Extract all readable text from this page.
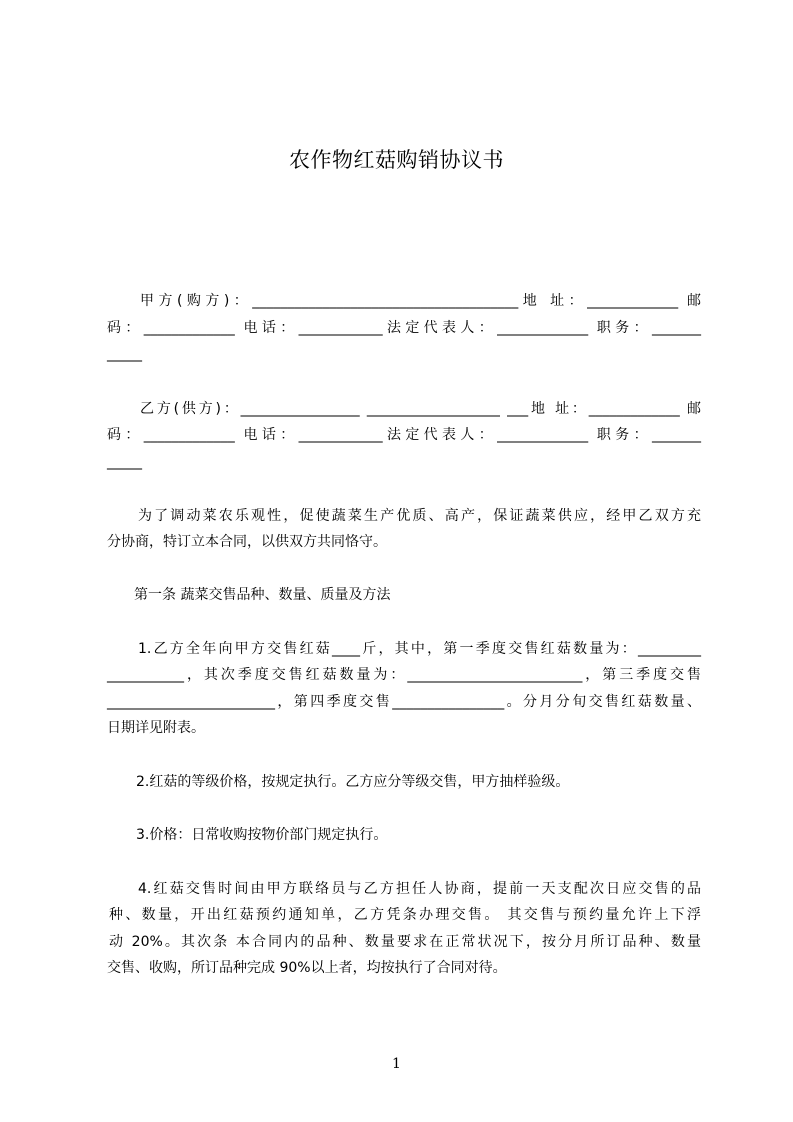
农作物红菇购销协议书
甲方(购方)：______________________________________地 址：_____________ 邮
码：_____________ 电话：____________法定代表人：_____________ 职务：_______
_____
乙方(供方)：_________________ ___________________ ___地 址：_____________ 邮
码：_____________ 电话：____________法定代表人：_____________ 职务：_______
_____
为了调动菜农乐观性，促使蔬菜生产优质、高产，保证蔬菜供应，经甲乙双方充
分协商，特订立本合同，以供双方共同恪守。
第一条 蔬菜交售品种、数量、质量及方法
1.乙方全年向甲方交售红菇____斤，其中，第一季度交售红菇数量为：_________
___________，其次季度交售红菇数量为：_________________________，第三季度交售
________________________，第四季度交售________________。分月分旬交售红菇数量、
日期详见附表。
2.红菇的等级价格，按规定执行。乙方应分等级交售，甲方抽样验级。
3.价格：日常收购按物价部门规定执行。
4.红菇交售时间由甲方联络员与乙方担任人协商，提前一天支配次日应交售的品
种、数量，开出红菇预约通知单，乙方凭条办理交售。 其交售与预约量允许上下浮
动 20%。其次条 本合同内的品种、数量要求在正常状况下，按分月所订品种、数量
交售、收购，所订品种完成 90%以上者，均按执行了合同对待。
1
